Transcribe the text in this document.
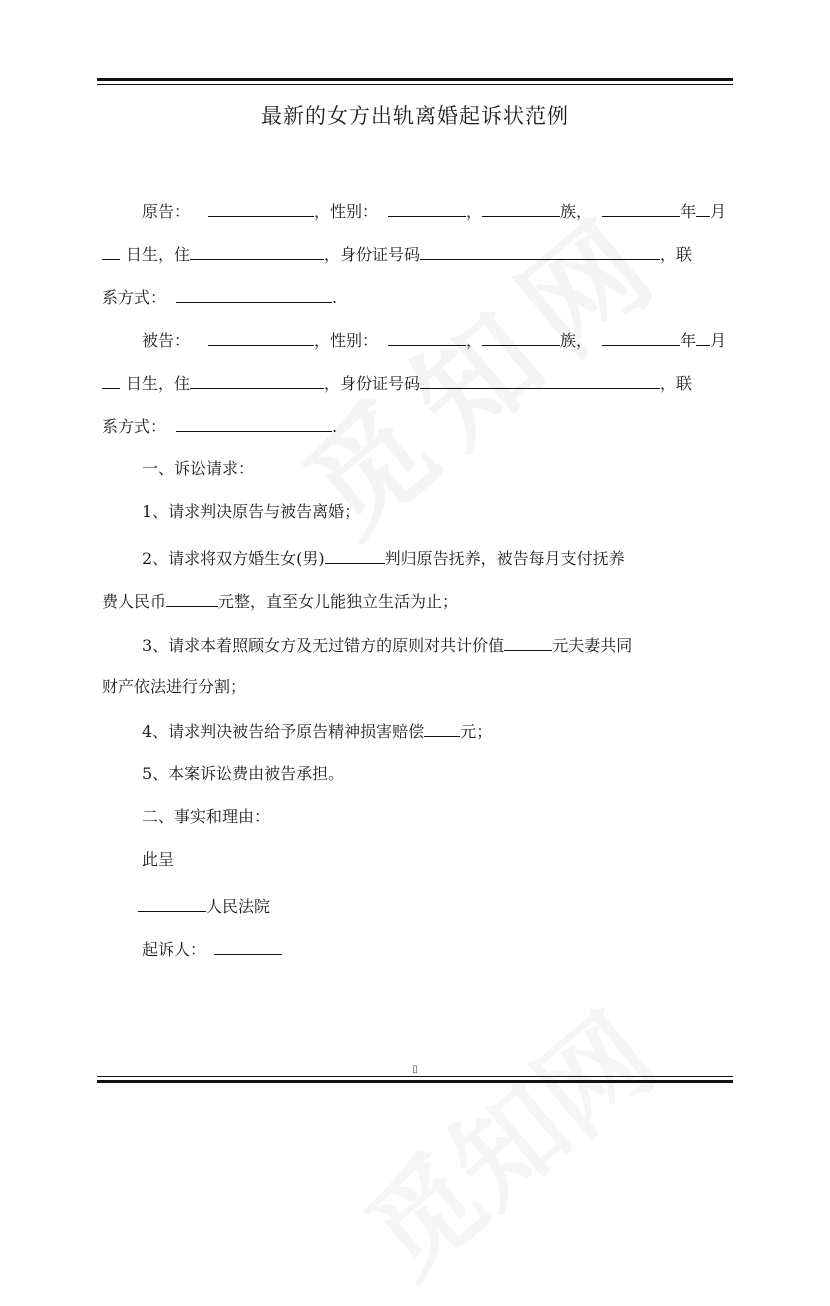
最新的女方出轨离婚起诉状范例
原告：	，性别：	，	族，	年 月
日生，住	，身份证号码	，联
系方式：	.
被告：	，性别：	，	族，	年 月
日生，住	，身份证号码	，联
系方式：	.
一、诉讼请求：
1、请求判决原告与被告离婚；
2、请求将双方婚生女(男)	判归原告抚养，被告每月支付抚养
费人民币	元整，直至女儿能独立生活为止；
3、请求本着照顾女方及无过错方的原则对共计价值	元夫妻共同
财产依法进行分割；
4、请求判决被告给予原告精神损害赔偿 元；
5、本案诉讼费由被告承担。
二、事实和理由：
此呈
人民法院
起诉人：
▯
